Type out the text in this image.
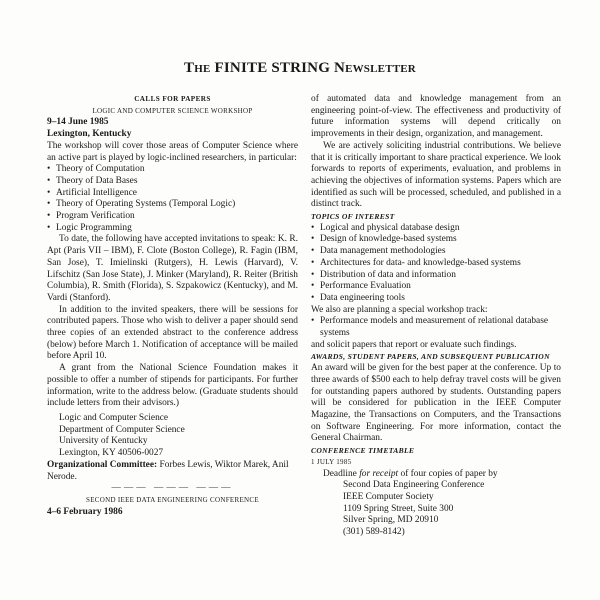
THE FINITE STRING NEWSLETTER

CALLS FOR PAPERS

LOGIC AND COMPUTER SCIENCE WORKSHOP

9–14 June 1985

Lexington, Kentucky

The workshop will cover those areas of Computer Science where an active part is played by logic-inclined researchers, in particular:

• Theory of Computation
• Theory of Data Bases
• Artificial Intelligence
• Theory of Operating Systems (Temporal Logic)
• Program Verification
• Logic Programming

To date, the following have accepted invitations to speak: K. R. Apt (Paris VII – IBM), F. Clote (Boston College), R. Fagin (IBM, San Jose), T. Imielinski (Rutgers), H. Lewis (Harvard), V. Lifschitz (San Jose State), J. Minker (Maryland), R. Reiter (British Columbia), R. Smith (Florida), S. Szpakowicz (Kentucky), and M. Vardi (Stanford).

In addition to the invited speakers, there will be sessions for contributed papers. Those who wish to deliver a paper should send three copies of an extended abstract to the conference address (below) before March 1. Notification of acceptance will be mailed before April 10.

A grant from the National Science Foundation makes it possible to offer a number of stipends for participants. For further information, write to the address below. (Graduate students should include letters from their advisors.)

Logic and Computer Science

Department of Computer Science

University of Kentucky

Lexington, KY 40506-0027

Organizational Committee: Forbes Lewis, Wiktor Marek, Anil Nerode.

——— ——— ———

SECOND IEEE DATA ENGINEERING CONFERENCE

4–6 February 1986

of automated data and knowledge management from an engineering point-of-view. The effectiveness and productivity of future information systems will depend critically on improvements in their design, organization, and management.

We are actively soliciting industrial contributions. We believe that it is critically important to share practical experience. We look forwards to reports of experiments, evaluation, and problems in achieving the objectives of information systems. Papers which are identified as such will be processed, scheduled, and published in a distinct track.

TOPICS OF INTEREST

• Logical and physical database design
• Design of knowledge-based systems
• Data management methodologies
• Architectures for data- and knowledge-based systems
• Distribution of data and information
• Performance Evaluation
• Data engineering tools

We also are planning a special workshop track:

• Performance models and measurement of relational database systems

and solicit papers that report or evaluate such findings.

AWARDS, STUDENT PAPERS, AND SUBSEQUENT PUBLICATION

An award will be given for the best paper at the conference. Up to three awards of $500 each to help defray travel costs will be given for outstanding papers authored by students. Outstanding papers will be considered for publication in the IEEE Computer Magazine, the Transactions on Computers, and the Transactions on Software Engineering. For more information, contact the General Chairman.

CONFERENCE TIMETABLE

1 JULY 1985

Deadline for receipt of four copies of paper by

Second Data Engineering Conference

IEEE Computer Society

1109 Spring Street, Suite 300

Silver Spring, MD 20910

(301) 589-8142)
